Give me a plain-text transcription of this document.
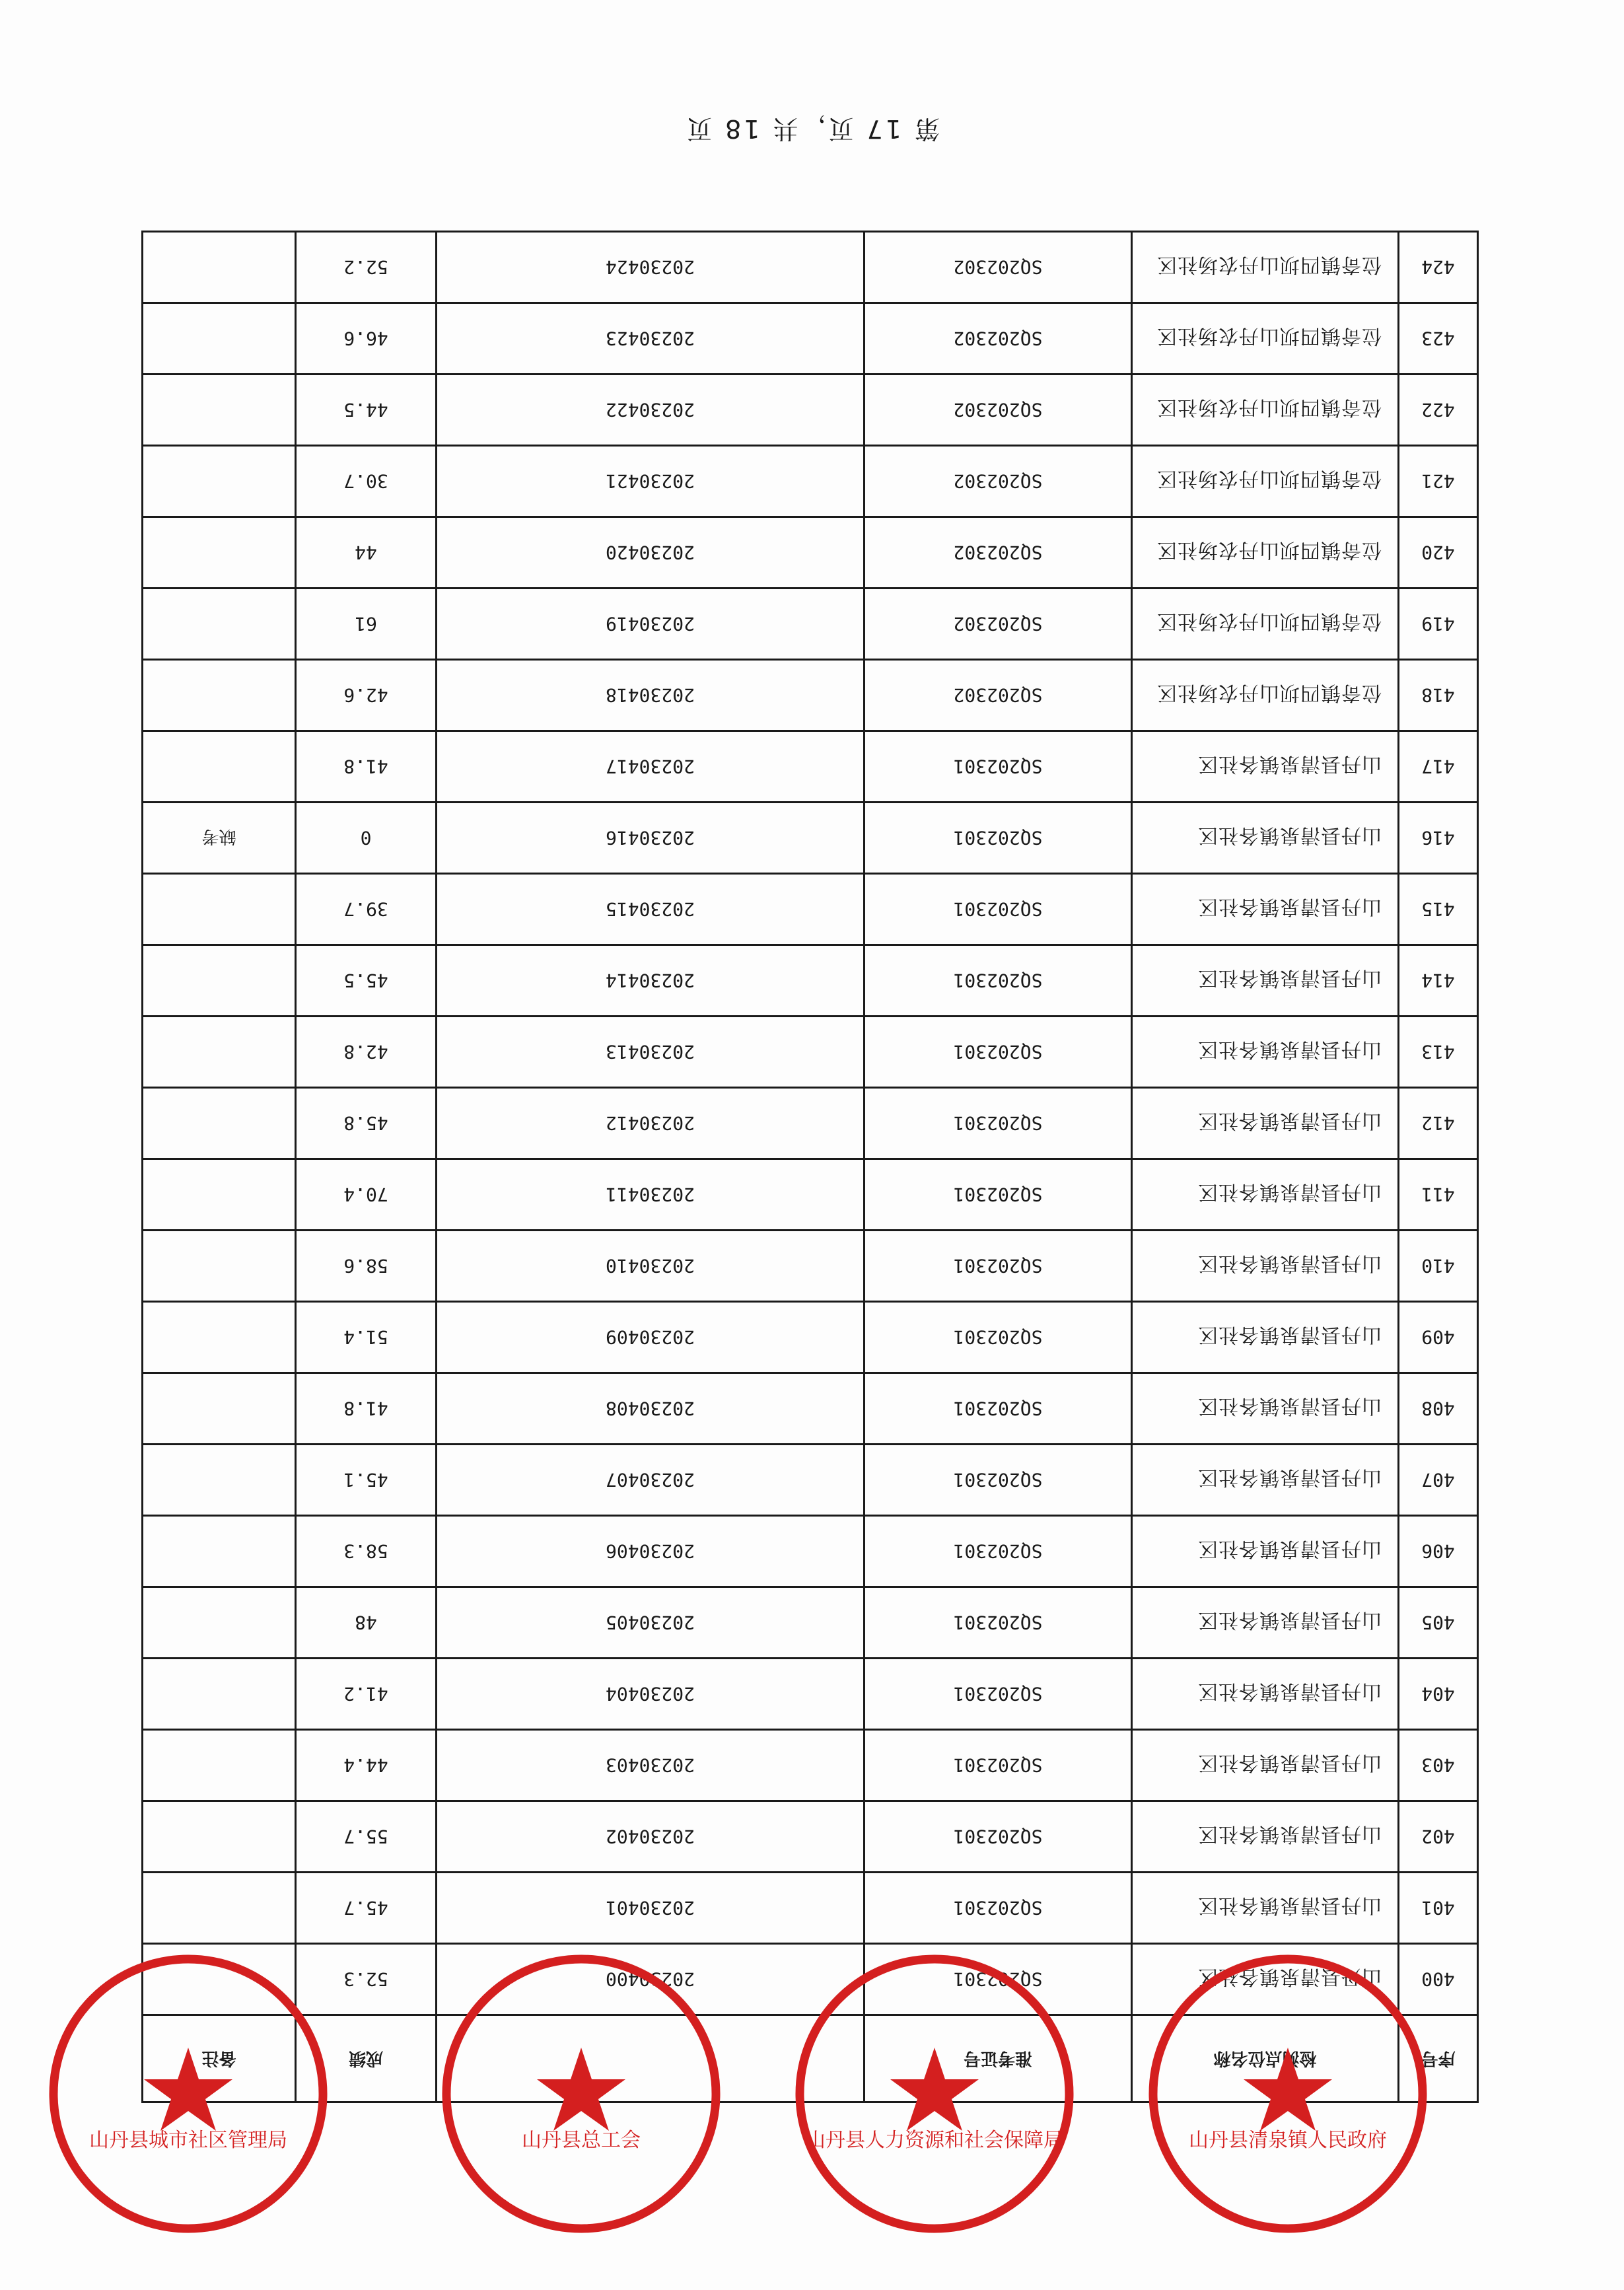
序号	检测点位名称	准考证号		成绩	备注
400	山丹县清泉镇各社区	SQ202301	20230400	52.3	
401	山丹县清泉镇各社区	SQ202301	20230401	45.7	
402	山丹县清泉镇各社区	SQ202301	20230402	55.7	
403	山丹县清泉镇各社区	SQ202301	20230403	44.4	
404	山丹县清泉镇各社区	SQ202301	20230404	41.2	
405	山丹县清泉镇各社区	SQ202301	20230405	48	
406	山丹县清泉镇各社区	SQ202301	20230406	58.3	
407	山丹县清泉镇各社区	SQ202301	20230407	45.1	
408	山丹县清泉镇各社区	SQ202301	20230408	41.8	
409	山丹县清泉镇各社区	SQ202301	20230409	51.4	
410	山丹县清泉镇各社区	SQ202301	20230410	58.6	
411	山丹县清泉镇各社区	SQ202301	20230411	70.4	
412	山丹县清泉镇各社区	SQ202301	20230412	45.8	
413	山丹县清泉镇各社区	SQ202301	20230413	42.8	
414	山丹县清泉镇各社区	SQ202301	20230414	45.5	
415	山丹县清泉镇各社区	SQ202301	20230415	39.7	
416	山丹县清泉镇各社区	SQ202301	20230416	0	缺考
417	山丹县清泉镇各社区	SQ202301	20230417	41.8	
418	位奇镇四坝山丹农场社区	SQ202302	20230418	42.6	
419	位奇镇四坝山丹农场社区	SQ202302	20230419	61	
420	位奇镇四坝山丹农场社区	SQ202302	20230420	44	
421	位奇镇四坝山丹农场社区	SQ202302	20230421	30.7	
422	位奇镇四坝山丹农场社区	SQ202302	20230422	44.5	
423	位奇镇四坝山丹农场社区	SQ202302	20230423	46.6	
424	位奇镇四坝山丹农场社区	SQ202302	20230424	52.2	
第 17 页，共 18 页
山丹县城市社区管理局	山丹县总工会	山丹县人力资源和社会保障局	山丹县清泉镇人民政府
